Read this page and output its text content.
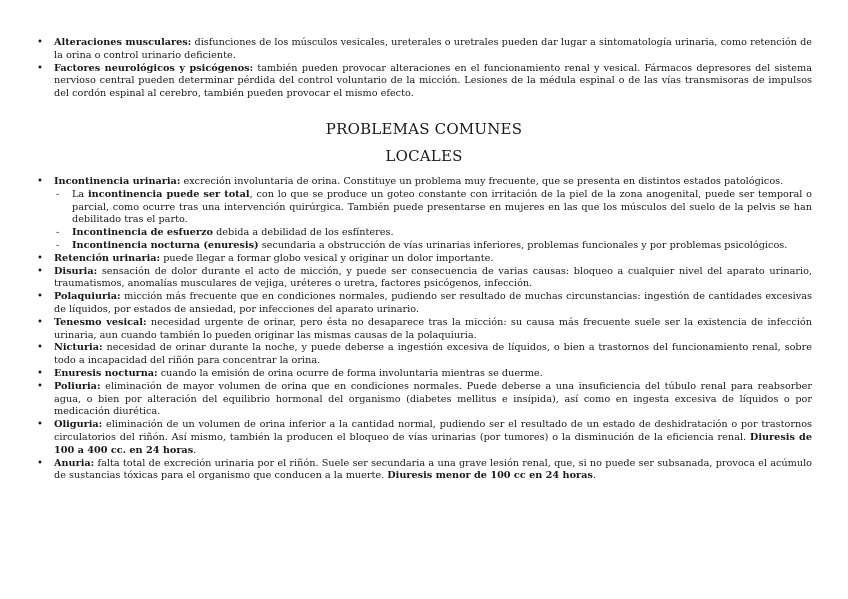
• Alteraciones musculares: disfunciones de los músculos vesicales, ureterales o uretrales pueden dar lugar a sintomatología urinaria, como retención de la orina o control urinario deficiente.
• Factores neurológicos y psicógenos: también pueden provocar alteraciones en el funcionamiento renal y vesical. Fármacos depresores del sistema nervioso central pueden determinar pérdida del control voluntario de la micción. Lesiones de la médula espinal o de las vías transmisoras de impulsos del cordón espinal al cerebro, también pueden provocar el mismo efecto.
PROBLEMAS COMUNES
LOCALES
• Incontinencia urinaria: excreción involuntaria de orina. Constituye un problema muy frecuente, que se presenta en distintos estados patológicos.
- La incontinencia puede ser total, con lo que se produce un goteo constante con irritación de la piel de la zona anogenital, puede ser temporal o parcial, como ocurre tras una intervención quirúrgica. También puede presentarse en mujeres en las que los músculos del suelo de la pelvis se han debilitado tras el parto.
- Incontinencia de esfuerzo debida a debilidad de los esfínteres.
- Incontinencia nocturna (enuresis) secundaria a obstrucción de vías urinarias inferiores, problemas funcionales y por problemas psicológicos.
• Retención urinaria: puede llegar a formar globo vesical y originar un dolor importante.
• Disuria: sensación de dolor durante el acto de micción, y puede ser consecuencia de varias causas: bloqueo a cualquier nivel del aparato urinario, traumatismos, anomalías musculares de vejiga, uréteres o uretra, factores psicógenos, infección.
• Polaquiuria: micción más frecuente que en condiciones normales, pudiendo ser resultado de muchas circunstancias: ingestión de cantidades excesivas de líquidos, por estados de ansiedad, por infecciones del aparato urinario.
• Tenesmo vesical: necesidad urgente de orinar, pero ésta no desaparece tras la micción: su causa más frecuente suele ser la existencia de infección urinaria, aun cuando también lo pueden originar las mismas causas de la polaquiuria.
• Nicturia: necesidad de orinar durante la noche, y puede deberse a ingestión excesiva de líquidos, o bien a trastornos del funcionamiento renal, sobre todo a incapacidad del riñón para concentrar la orina.
• Enuresis nocturna: cuando la emisión de orina ocurre de forma involuntaria mientras se duerme.
• Poliuria: eliminación de mayor volumen de orina que en condiciones normales. Puede deberse a una insuficiencia del túbulo renal para reabsorber agua, o bien por alteración del equilibrio hormonal del organismo (diabetes mellitus e insípida), así como en ingesta excesiva de líquidos o por medicación diurética.
• Oliguria: eliminación de un volumen de orina inferior a la cantidad normal, pudiendo ser el resultado de un estado de deshidratación o por trastornos circulatorios del riñón. Así mismo, también la producen el bloqueo de vías urinarias (por tumores) o la disminución de la eficiencia renal. Diuresis de 100 a 400 cc. en 24 horas.
• Anuria: falta total de excreción urinaria por el riñón. Suele ser secundaria a una grave lesión renal, que, si no puede ser subsanada, provoca el acúmulo de sustancias tóxicas para el organismo que conducen a la muerte. Diuresis menor de 100 cc en 24 horas.
